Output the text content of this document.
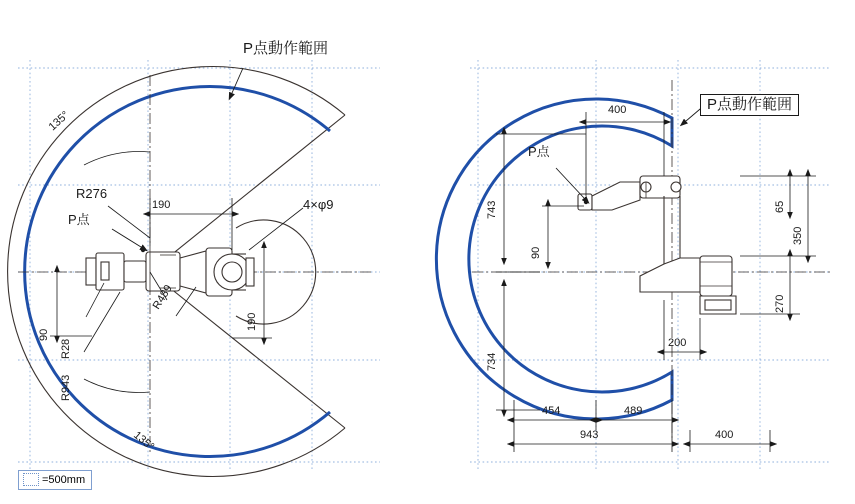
P点動作範囲
135°
135°
R276
P点
190	4×φ9
90
R28
R943
R489
190
P点動作範囲
400
P点
743
90
734
65
350
270
200
454	489
943	400
=500mm
